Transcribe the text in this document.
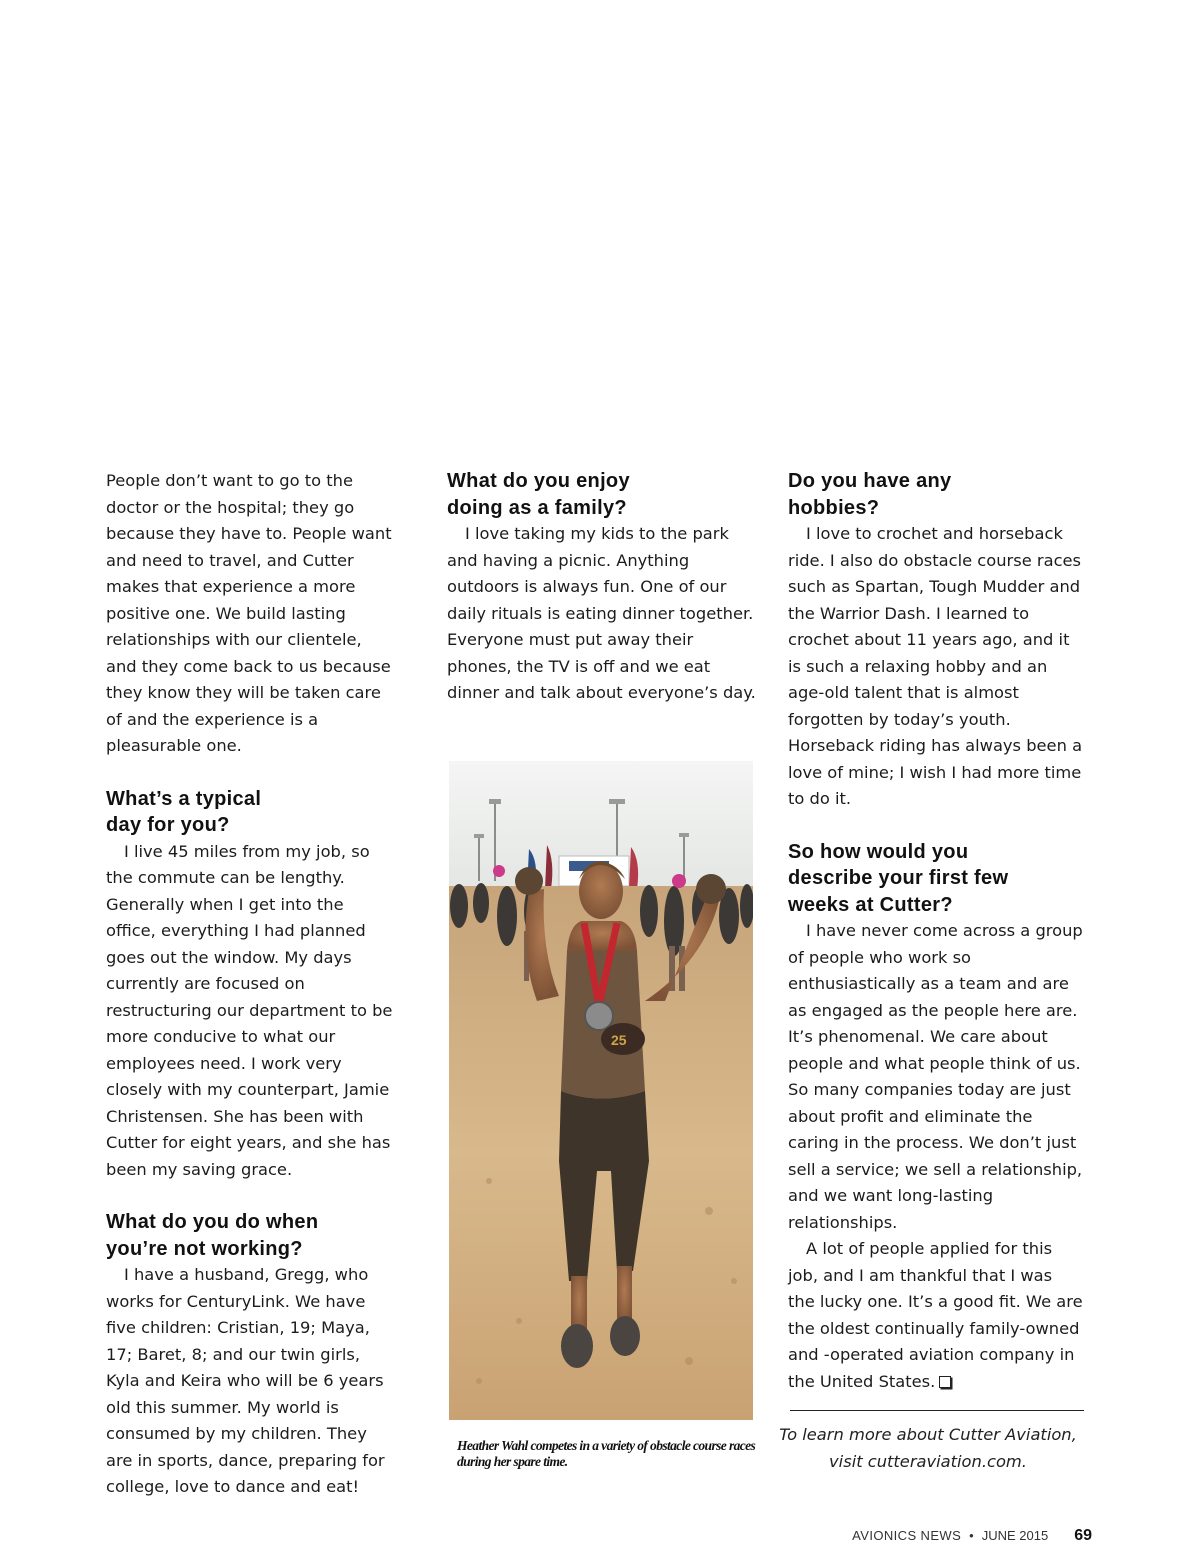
People don’t want to go to the doctor or the hospital; they go because they have to. People want and need to travel, and Cutter makes that experience a more positive one. We build lasting relationships with our clientele, and they come back to us because they know they will be taken care of and the experience is a pleasurable one.

What’s a typical
day for you?

I live 45 miles from my job, so the commute can be lengthy. Generally when I get into the office, everything I had planned goes out the window. My days currently are focused on restructuring our department to be more conducive to what our employees need. I work very closely with my counterpart, Jamie Christensen. She has been with Cutter for eight years, and she has been my saving grace.

What do you do when
you’re not working?

I have a husband, Gregg, who works for CenturyLink. We have five children: Cristian, 19; Maya, 17; Baret, 8; and our twin girls, Kyla and Keira who will be 6 years old this summer. My world is consumed by my children. They are in sports, dance, preparing for college, love to dance and eat!

What do you enjoy
doing as a family?

I love taking my kids to the park and having a picnic. Anything outdoors is always fun. One of our daily rituals is eating dinner together. Everyone must put away their phones, the TV is off and we eat dinner and talk about everyone’s day.

25
Heather Wahl competes in a variety of obstacle course races during her spare time.
Do you have any
hobbies?

I love to crochet and horseback ride. I also do obstacle course races such as Spartan, Tough Mudder and the Warrior Dash. I learned to crochet about 11 years ago, and it is such a relaxing hobby and an age-old talent that is almost forgotten by today’s youth. Horseback riding has always been a love of mine; I wish I had more time to do it.

So how would you
describe your first few
weeks at Cutter?

I have never come across a group of people who work so enthusiastically as a team and are as engaged as the people here are. It’s phenomenal. We care about people and what people think of us. So many companies today are just about profit and eliminate the caring in the process. We don’t just sell a service; we sell a relationship, and we want long-lasting relationships.

A lot of people applied for this job, and I am thankful that I was the lucky one. It’s a good fit. We are the oldest continually family-owned and -operated aviation company in the United States.

To learn more about Cutter Aviation, visit cutteraviation.com.
AVIONICS NEWS • JUNE 2015 69
